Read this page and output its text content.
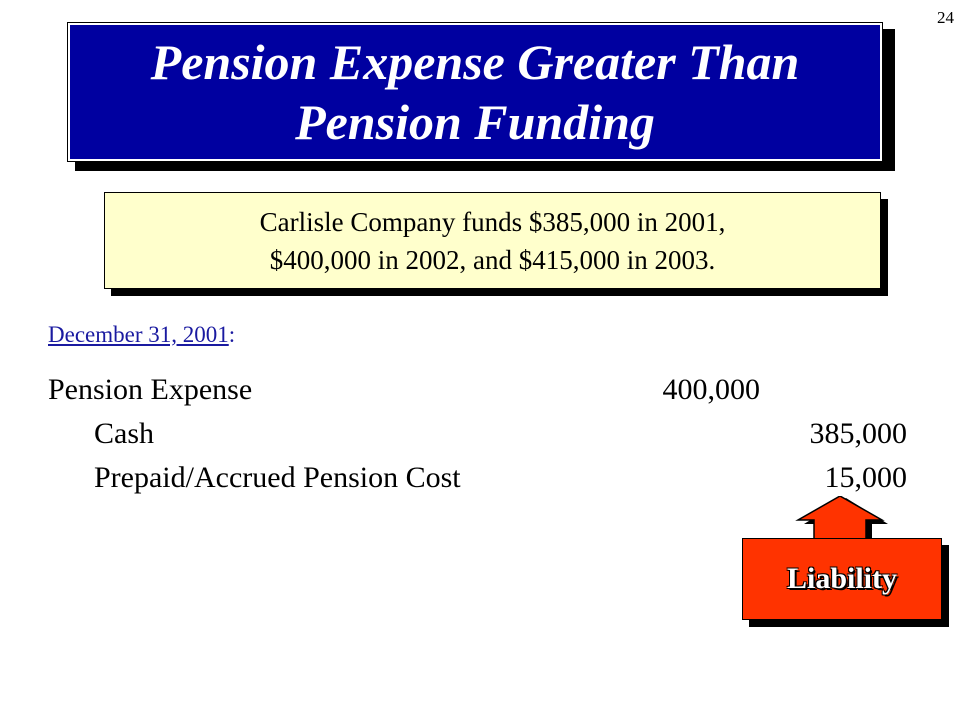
24
Pension Expense Greater Than
Pension Funding
Carlisle Company funds $385,000 in 2001,
$400,000 in 2002, and $415,000 in 2003.
December 31, 2001:
Pension Expense	400,000
Cash	385,000
Prepaid/Accrued Pension Cost	15,000
Liability
